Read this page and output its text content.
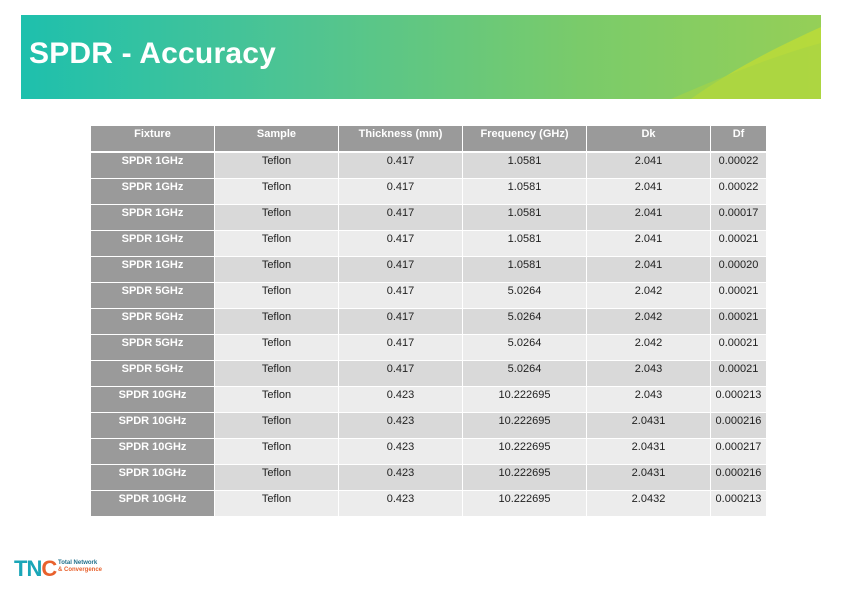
SPDR - Accuracy
Fixture	Sample	Thickness (mm)	Frequency (GHz)	Dk	Df
SPDR 1GHz	Teflon	0.417	1.0581	2.041	0.00022
SPDR 1GHz	Teflon	0.417	1.0581	2.041	0.00022
SPDR 1GHz	Teflon	0.417	1.0581	2.041	0.00017
SPDR 1GHz	Teflon	0.417	1.0581	2.041	0.00021
SPDR 1GHz	Teflon	0.417	1.0581	2.041	0.00020
SPDR 5GHz	Teflon	0.417	5.0264	2.042	0.00021
SPDR 5GHz	Teflon	0.417	5.0264	2.042	0.00021
SPDR 5GHz	Teflon	0.417	5.0264	2.042	0.00021
SPDR 5GHz	Teflon	0.417	5.0264	2.043	0.00021
SPDR 10GHz	Teflon	0.423	10.222695	2.043	0.000213
SPDR 10GHz	Teflon	0.423	10.222695	2.0431	0.000216
SPDR 10GHz	Teflon	0.423	10.222695	2.0431	0.000217
SPDR 10GHz	Teflon	0.423	10.222695	2.0431	0.000216
SPDR 10GHz	Teflon	0.423	10.222695	2.0432	0.000213
TNC Total Network
& Convergence
